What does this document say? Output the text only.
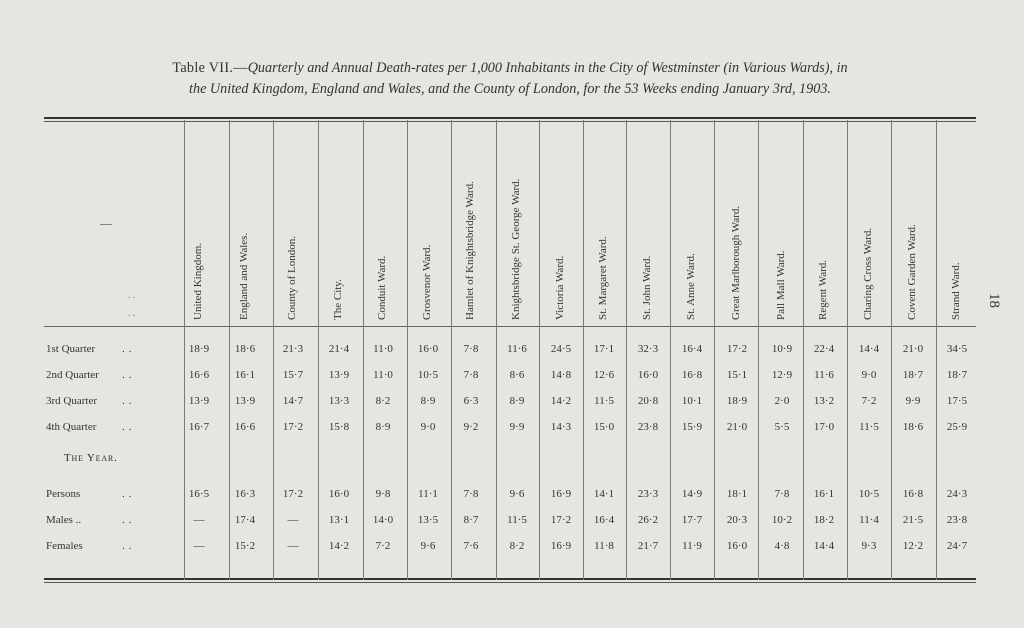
Table VII.—Quarterly and Annual Death-rates per 1,000 Inhabitants in the City of Westminster (in Various Wards), in
the United Kingdom, England and Wales, and the County of London, for the 53 Weeks ending January 3rd, 1903.
18
—
..
..	United Kingdom.	England and Wales.	County of London.	The City.	Conduit Ward.	Grosvenor Ward.	Hamlet of Knightsbridge Ward.	Knightsbridge St. George Ward.	Victoria Ward.	St. Margaret Ward.	St. John Ward.	St. Anne Ward.	Great Marlborough Ward.	Pall Mall Ward.	Regent Ward.	Charing Cross Ward.	Covent Garden Ward.	Strand Ward.
1st Quarter ..	18·9	18·6	21·3	21·4	11·0	16·0	7·8	11·6	24·5	17·1	32·3	16·4	17·2	10·9	22·4	14·4	21·0	34·5
2nd Quarter ..	16·6	16·1	15·7	13·9	11·0	10·5	7·8	8·6	14·8	12·6	16·0	16·8	15·1	12·9	11·6	9·0	18·7	18·7
3rd Quarter ..	13·9	13·9	14·7	13·3	8·2	8·9	6·3	8·9	14·2	11·5	20·8	10·1	18·9	2·0	13·2	7·2	9·9	17·5
4th Quarter ..	16·7	16·6	17·2	15·8	8·9	9·0	9·2	9·9	14·3	15·0	23·8	15·9	21·0	5·5	17·0	11·5	18·6	25·9
Persons	..	16·5	16·3	17·2	16·0	9·8	11·1	7·8	9·6	16·9	14·1	23·3	14·9	18·1	7·8	16·1	10·5	16·8	24·3
Males ..	..	—	17·4	—	13·1	14·0	13·5	8·7	11·5	17·2	16·4	26·2	17·7	20·3	10·2	18·2	11·4	21·5	23·8
Females	..	—	15·2	—	14·2	7·2	9·6	7·6	8·2	16·9	11·8	21·7	11·9	16·0	4·8	14·4	9·3	12·2	24·7
The Year.
